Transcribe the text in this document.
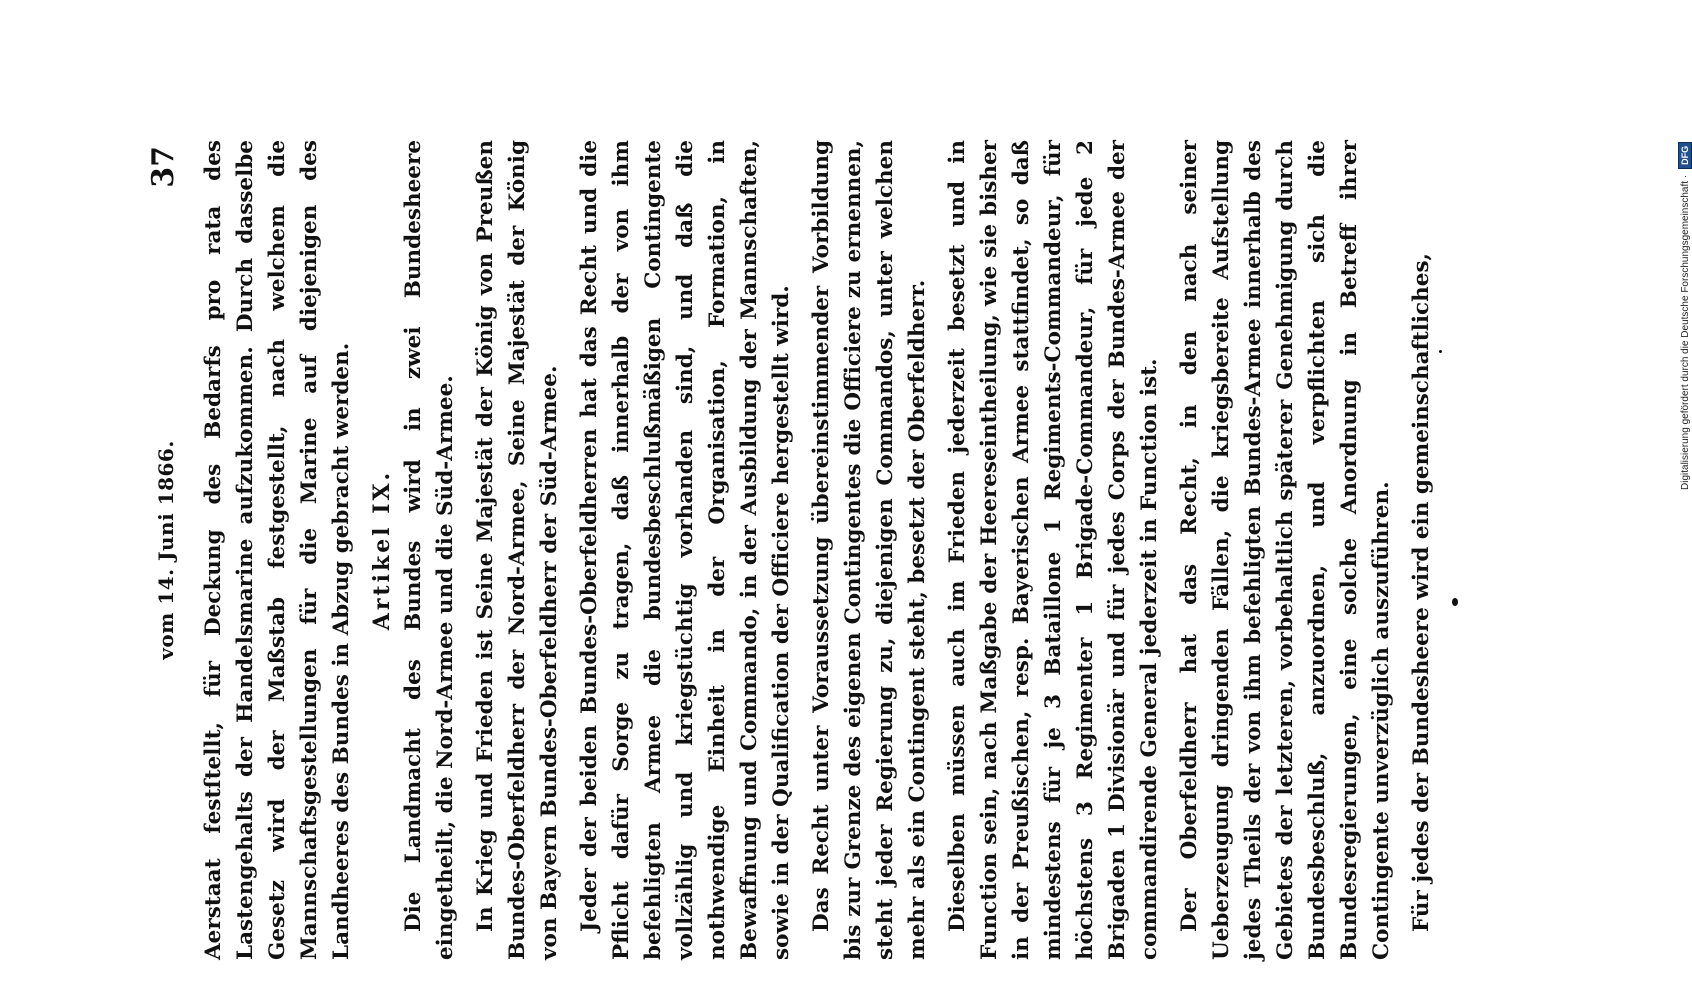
vom 14. Juni 1866.
37 Aerstaat festſtellt, für Deckung des Bedarfs pro rata des Lastengehalts der Handelsmarine aufzukommen. Durch dasselbe Gesetz wird der Maßstab festgestellt, nach welchem die Mannschaftsgestellungen für die Marine auf diejenigen des Landheeres des Bundes in Abzug gebracht werden. Artikel IX. Die Landmacht des Bundes wird in zwei Bundesheere eingetheilt, die Nord-Armee und die Süd-Armee. In Krieg und Frieden ist Seine Majestät der König von Preußen Bundes-Oberfeldherr der Nord-Armee, Seine Majestät der König von Bayern Bundes-Oberfeldherr der Süd-Armee. Jeder der beiden Bundes-Oberfeldherren hat das Recht und die Pflicht dafür Sorge zu tragen, daß innerhalb der von ihm befehligten Armee die bundesbeschlußmäßigen Contingente vollzählig und kriegstüchtig vorhanden sind, und daß die nothwendige Einheit in der Organisation, Formation, in Bewaffnung und Commando, in der Ausbildung der Mannschaften, sowie in der Qualification der Officiere hergestellt wird. Das Recht unter Voraussetzung übereinstimmender Vorbildung bis zur Grenze des eigenen Contingentes die Officiere zu ernennen, steht jeder Regierung zu, diejenigen Commandos, unter welchen mehr als ein Contingent steht, besetzt der Oberfeldherr. Dieselben müssen auch im Frieden jederzeit besetzt und in Function sein, nach Maßgabe der Heereseintheilung, wie sie bisher in der Preußischen, resp. Bayerischen Armee stattfindet, so daß mindestens für je 3 Bataillone 1 Regiments-Commandeur, für höchstens 3 Regimenter 1 Brigade-Commandeur, für jede 2 Brigaden 1 Divisionär und für jedes Corps der Bundes-Armee der commandirende General jederzeit in Function ist. Der Oberfeldherr hat das Recht, in den nach seiner Ueberzeugung dringenden Fällen, die kriegsbereite Aufstellung jedes Theils der von ihm befehligten Bundes-Armee innerhalb des Gebietes der letzteren, vorbehaltlich späterer Genehmigung durch Bundesbeschluß, anzuordnen, und verpflichten sich die Bundesregierungen, eine solche Anordnung in Betreff ihrer Contingente unverzüglich auszuführen. Für jedes der Bundesheere wird ein gemeinschaftliches,	Digitalisierung gefördert durch die Deutsche Forschungsgemeinschaft ·
DFG
